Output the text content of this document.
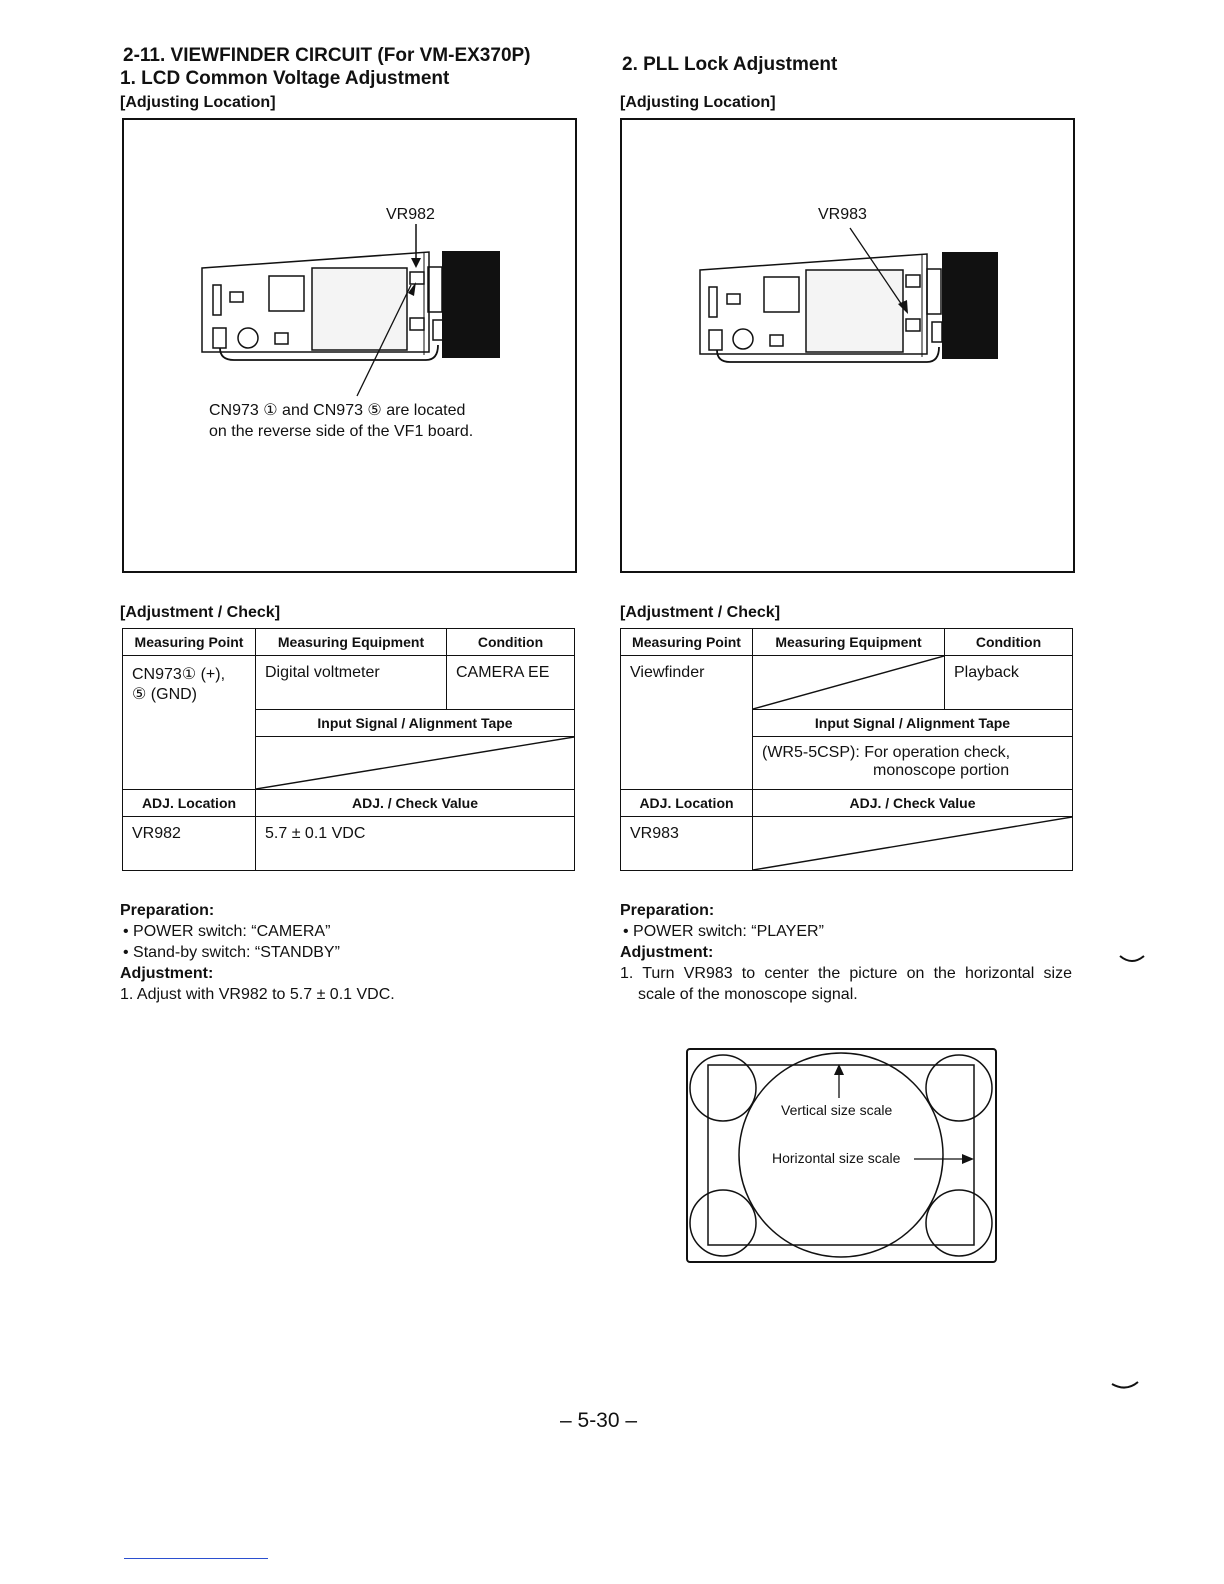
2-11. VIEWFINDER CIRCUIT (For VM-EX370P)
1. LCD Common Voltage Adjustment
[Adjusting Location]
VR982
CN973 ① and CN973 ⑤ are located
on the reverse side of the VF1 board.
[Adjustment / Check]
Measuring Point	Measuring Equipment	Condition

CN973① (+),
⑤ (GND)	Digital voltmeter	CAMERA EE
	Input Signal / Alignment Tape	

ADJ. Location	ADJ. / Check Value	
VR982	5.7 ± 0.1 VDC	
Preparation:
• POWER switch: “CAMERA”
• Stand-by switch: “STANDBY”
Adjustment:
1. Adjust with VR982 to 5.7 ± 0.1 VDC.
2. PLL Lock Adjustment
[Adjusting Location]
VR983
[Adjustment / Check]
Measuring Point	Measuring Equipment	Condition
Viewfinder		Playback
	Input Signal / Alignment Tape	

	(WR5-5CSP): For operation check,
monoscope portion	

ADJ. Location	ADJ. / Check Value	
VR983	
Preparation:
• POWER switch: “PLAYER”
Adjustment:
1. Turn VR983 to center the picture on the horizontal size
scale of the monoscope signal.
Vertical size scale
Horizontal size scale
– 5-30 –
